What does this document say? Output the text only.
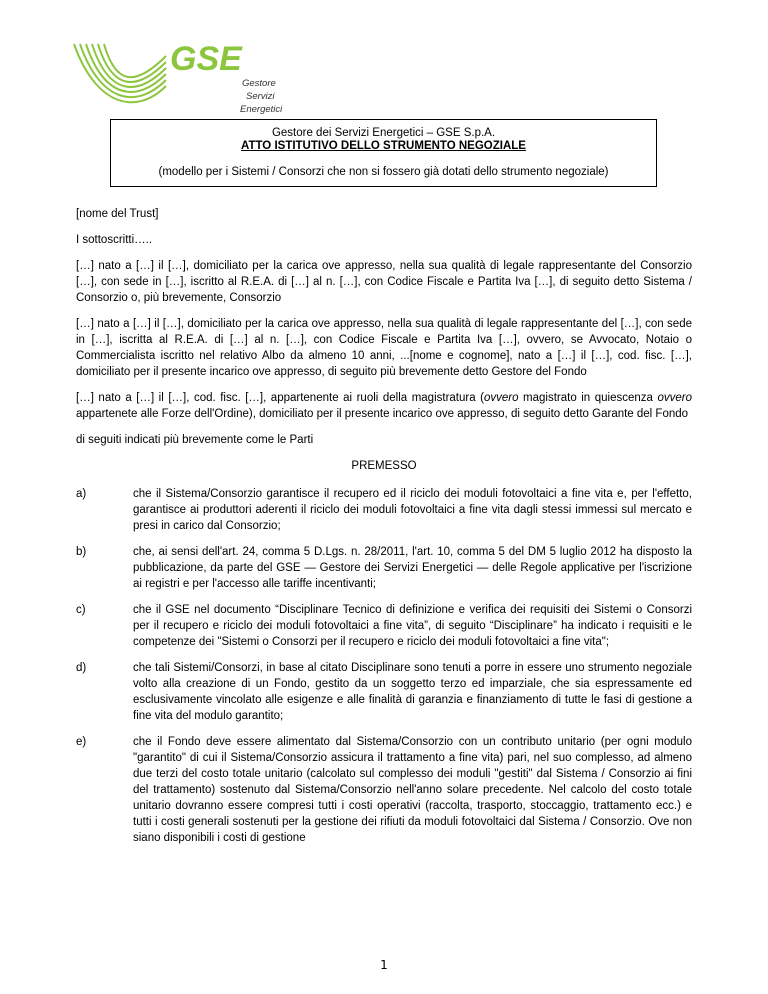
GSE
Gestore
Servizi
Energetici
Gestore dei Servizi Energetici – GSE S.p.A.
ATTO ISTITUTIVO DELLO STRUMENTO NEGOZIALE
(modello per i Sistemi / Consorzi che non si fossero già dotati dello strumento negoziale)

[nome del Trust]

I sottoscritti…..

[…] nato a […] il […], domiciliato per la carica ove appresso, nella sua qualità di legale rappresentante del Consorzio […], con sede in […], iscritto al R.E.A. di […] al n. […], con Codice Fiscale e Partita Iva […], di seguito detto Sistema / Consorzio o, più brevemente, Consorzio

[…] nato a […] il […], domiciliato per la carica ove appresso, nella sua qualità di legale rappresentante del […], con sede in […], iscritta al R.E.A. di […] al n. […], con Codice Fiscale e Partita Iva […], ovvero, se Avvocato, Notaio o Commercialista iscritto nel relativo Albo da almeno 10 anni, ...[nome e cognome], nato a […] il […], cod. fisc. […], domiciliato per il presente incarico ove appresso, di seguito più brevemente detto Gestore del Fondo

[…] nato a […] il […], cod. fisc. […], appartenente ai ruoli della magistratura (ovvero magistrato in quiescenza ovvero appartenete alle Forze dell'Ordine), domiciliato per il presente incarico ove appresso, di seguito detto Garante del Fondo

di seguiti indicati più brevemente come le Parti

PREMESSO

a)	che il Sistema/Consorzio garantisce il recupero ed il riciclo dei moduli fotovoltaici a fine vita e, per l'effetto, garantisce ai produttori aderenti il riciclo dei moduli fotovoltaici a fine vita dagli stessi immessi sul mercato e presi in carico dal Consorzio;
b)	che, ai sensi dell'art. 24, comma 5 D.Lgs. n. 28/2011, l'art. 10, comma 5 del DM 5 luglio 2012 ha disposto la pubblicazione, da parte del GSE — Gestore dei Servizi Energetici — delle Regole applicative per l'iscrizione ai registri e per l'accesso alle tariffe incentivanti;
c)	che il GSE nel documento “Disciplinare Tecnico di definizione e verifica dei requisiti dei Sistemi o Consorzi per il recupero e riciclo dei moduli fotovoltaici a fine vita”, di seguito “Disciplinare” ha indicato i requisiti e le competenze dei "Sistemi o Consorzi per il recupero e riciclo dei moduli fotovoltaici a fine vita";
d)	che tali Sistemi/Consorzi, in base al citato Disciplinare sono tenuti a porre in essere uno strumento negoziale volto alla creazione di un Fondo, gestito da un soggetto terzo ed imparziale, che sia espressamente ed esclusivamente vincolato alle esigenze e alle finalità di garanzia e finanziamento di tutte le fasi di gestione a fine vita del modulo garantito;
e)	che il Fondo deve essere alimentato dal Sistema/Consorzio con un contributo unitario (per ogni modulo "garantito" di cui il Sistema/Consorzio assicura il trattamento a fine vita) pari, nel suo complesso, ad almeno due terzi del costo totale unitario (calcolato sul complesso dei moduli "gestiti" dal Sistema / Consorzio ai fini del trattamento) sostenuto dal Sistema/Consorzio nell'anno solare precedente. Nel calcolo del costo totale unitario dovranno essere compresi tutti i costi operativi (raccolta, trasporto, stoccaggio, trattamento ecc.) e tutti i costi generali sostenuti per la gestione dei rifiuti da moduli fotovoltaici dal Sistema / Consorzio. Ove non siano disponibili i costi di gestione
1
